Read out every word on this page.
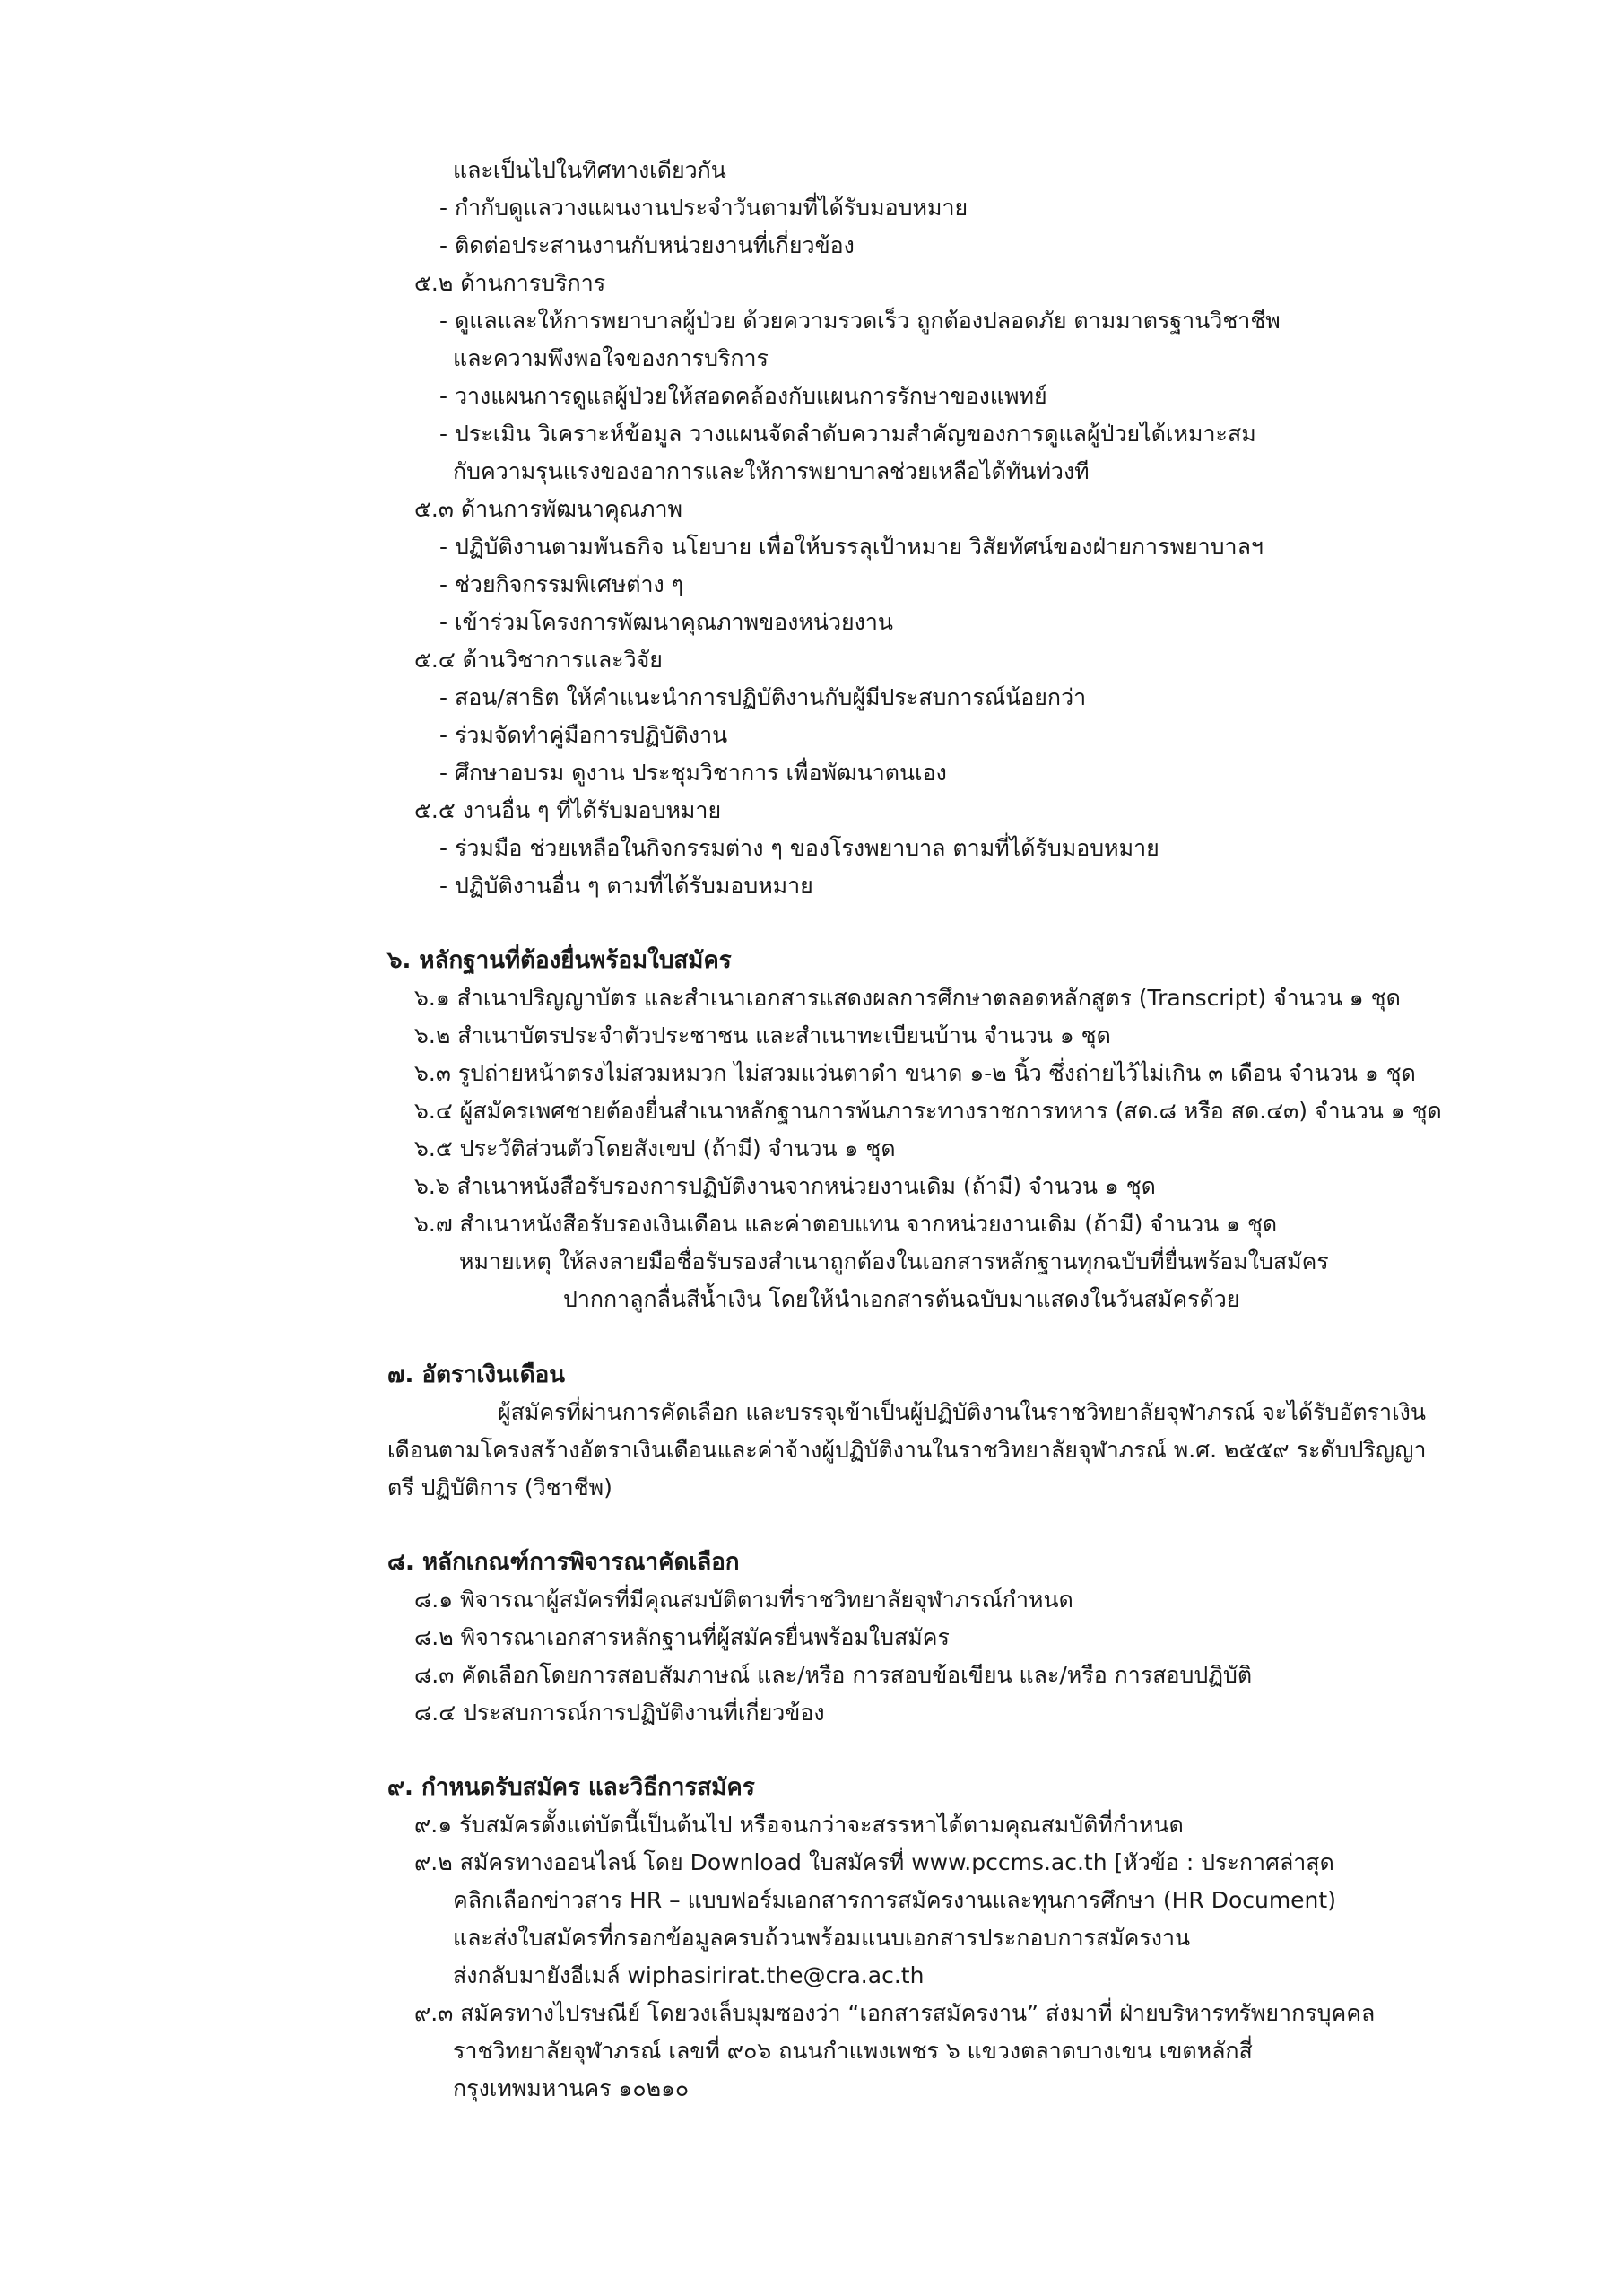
และเป็นไปในทิศทางเดียวกัน
- กำกับดูแลวางแผนงานประจำวันตามที่ได้รับมอบหมาย
- ติดต่อประสานงานกับหน่วยงานที่เกี่ยวข้อง
๕.๒ ด้านการบริการ
- ดูแลและให้การพยาบาลผู้ป่วย ด้วยความรวดเร็ว ถูกต้องปลอดภัย ตามมาตรฐานวิชาชีพ
และความพึงพอใจของการบริการ
- วางแผนการดูแลผู้ป่วยให้สอดคล้องกับแผนการรักษาของแพทย์
- ประเมิน วิเคราะห์ข้อมูล วางแผนจัดลำดับความสำคัญของการดูแลผู้ป่วยได้เหมาะสม
กับความรุนแรงของอาการและให้การพยาบาลช่วยเหลือได้ทันท่วงที
๕.๓ ด้านการพัฒนาคุณภาพ
- ปฏิบัติงานตามพันธกิจ นโยบาย เพื่อให้บรรลุเป้าหมาย วิสัยทัศน์ของฝ่ายการพยาบาลฯ
- ช่วยกิจกรรมพิเศษต่าง ๆ
- เข้าร่วมโครงการพัฒนาคุณภาพของหน่วยงาน
๕.๔ ด้านวิชาการและวิจัย
- สอน/สาธิต ให้คำแนะนำการปฏิบัติงานกับผู้มีประสบการณ์น้อยกว่า
- ร่วมจัดทำคู่มือการปฏิบัติงาน
- ศึกษาอบรม ดูงาน ประชุมวิชาการ เพื่อพัฒนาตนเอง
๕.๕ งานอื่น ๆ ที่ได้รับมอบหมาย
- ร่วมมือ ช่วยเหลือในกิจกรรมต่าง ๆ ของโรงพยาบาล ตามที่ได้รับมอบหมาย
- ปฏิบัติงานอื่น ๆ ตามที่ได้รับมอบหมาย
๖. หลักฐานที่ต้องยื่นพร้อมใบสมัคร
๖.๑ สำเนาปริญญาบัตร และสำเนาเอกสารแสดงผลการศึกษาตลอดหลักสูตร (Transcript) จำนวน ๑ ชุด
๖.๒ สำเนาบัตรประจำตัวประชาชน และสำเนาทะเบียนบ้าน จำนวน ๑ ชุด
๖.๓ รูปถ่ายหน้าตรงไม่สวมหมวก ไม่สวมแว่นตาดำ ขนาด ๑-๒ นิ้ว ซึ่งถ่ายไว้ไม่เกิน ๓ เดือน จำนวน ๑ ชุด
๖.๔ ผู้สมัครเพศชายต้องยื่นสำเนาหลักฐานการพ้นภาระทางราชการทหาร (สด.๘ หรือ สด.๔๓) จำนวน ๑ ชุด
๖.๕ ประวัติส่วนตัวโดยสังเขป (ถ้ามี) จำนวน ๑ ชุด
๖.๖ สำเนาหนังสือรับรองการปฏิบัติงานจากหน่วยงานเดิม (ถ้ามี) จำนวน ๑ ชุด
๖.๗ สำเนาหนังสือรับรองเงินเดือน และค่าตอบแทน จากหน่วยงานเดิม (ถ้ามี) จำนวน ๑ ชุด
หมายเหตุ ให้ลงลายมือชื่อรับรองสำเนาถูกต้องในเอกสารหลักฐานทุกฉบับที่ยื่นพร้อมใบสมัคร
ปากกาลูกลื่นสีน้ำเงิน โดยให้นำเอกสารต้นฉบับมาแสดงในวันสมัครด้วย
๗. อัตราเงินเดือน
ผู้สมัครที่ผ่านการคัดเลือก และบรรจุเข้าเป็นผู้ปฏิบัติงานในราชวิทยาลัยจุฬาภรณ์ จะได้รับอัตราเงิน
เดือนตามโครงสร้างอัตราเงินเดือนและค่าจ้างผู้ปฏิบัติงานในราชวิทยาลัยจุฬาภรณ์ พ.ศ. ๒๕๕๙ ระดับปริญญา
ตรี ปฏิบัติการ (วิชาชีพ)
๘. หลักเกณฑ์การพิจารณาคัดเลือก
๘.๑ พิจารณาผู้สมัครที่มีคุณสมบัติตามที่ราชวิทยาลัยจุฬาภรณ์กำหนด
๘.๒ พิจารณาเอกสารหลักฐานที่ผู้สมัครยื่นพร้อมใบสมัคร
๘.๓ คัดเลือกโดยการสอบสัมภาษณ์ และ/หรือ การสอบข้อเขียน และ/หรือ การสอบปฏิบัติ
๘.๔ ประสบการณ์การปฏิบัติงานที่เกี่ยวข้อง
๙. กำหนดรับสมัคร และวิธีการสมัคร
๙.๑ รับสมัครตั้งแต่บัดนี้เป็นต้นไป หรือจนกว่าจะสรรหาได้ตามคุณสมบัติที่กำหนด
๙.๒ สมัครทางออนไลน์ โดย Download ใบสมัครที่ www.pccms.ac.th [หัวข้อ : ประกาศล่าสุด
คลิกเลือกข่าวสาร HR – แบบฟอร์มเอกสารการสมัครงานและทุนการศึกษา (HR Document)
และส่งใบสมัครที่กรอกข้อมูลครบถ้วนพร้อมแนบเอกสารประกอบการสมัครงาน
ส่งกลับมายังอีเมล์ wiphasirirat.the@cra.ac.th
๙.๓ สมัครทางไปรษณีย์ โดยวงเล็บมุมซองว่า “เอกสารสมัครงาน” ส่งมาที่ ฝ่ายบริหารทรัพยากรบุคคล
ราชวิทยาลัยจุฬาภรณ์ เลขที่ ๙๐๖ ถนนกำแพงเพชร ๖ แขวงตลาดบางเขน เขตหลักสี่
กรุงเทพมหานคร ๑๐๒๑๐
